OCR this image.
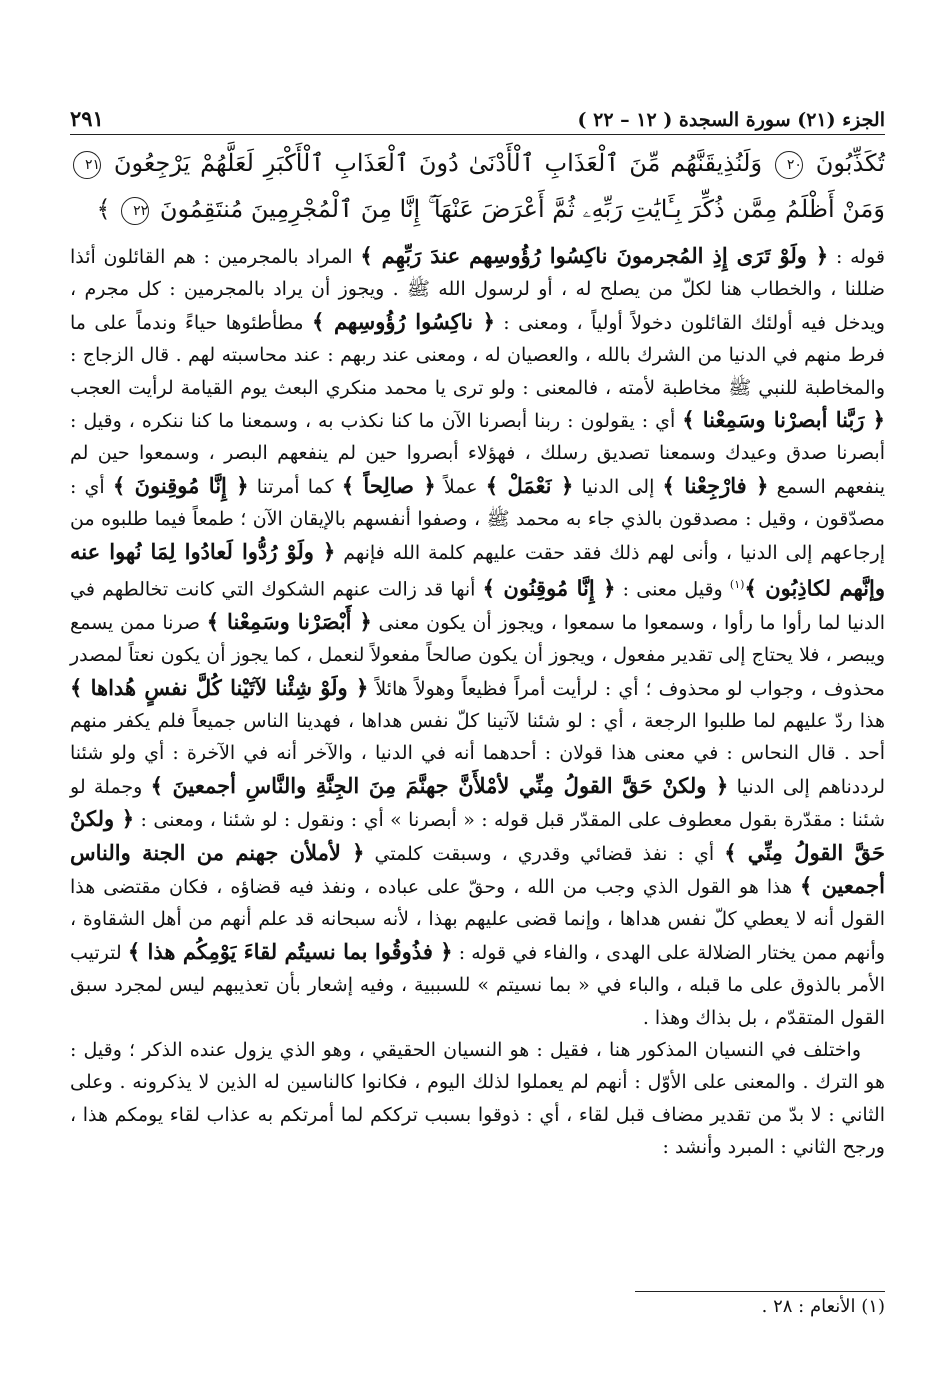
الجزء (٢١) سورة السجدة ( ١٢ – ٢٢ )
٢٩١
تُكَذِّبُونَ ٢٠ وَلَنُذِيقَنَّهُم مِّنَ ٱلْعَذَابِ ٱلْأَدْنَىٰ دُونَ ٱلْعَذَابِ ٱلْأَكْبَرِ لَعَلَّهُمْ يَرْجِعُونَ ٢١ وَمَنْ أَظْلَمُ مِمَّن ذُكِّرَ بِـَٔايَٰتِ رَبِّهِۦ ثُمَّ أَعْرَضَ عَنْهَآ ۚ إِنَّا مِنَ ٱلْمُجْرِمِينَ مُنتَقِمُونَ ٢٢ ﴾

قوله : ﴿ ولَوْ تَرَى إِذِ المُجرمونَ ناكِسُوا رُؤُوسِهم عندَ رَبِّهِم ﴾ المراد بالمجرمين : هم القائلون أئذا ضللنا ، والخطاب هنا لكلّ من يصلح له ، أو لرسول الله ﷺ . ويجوز أن يراد بالمجرمين : كل مجرم ، ويدخل فيه أولئك القائلون دخولاً أولياً ، ومعنى : ﴿ ناكِسُوا رُؤُوسِهم ﴾ مطأطئوها حياءً وندماً على ما فرط منهم في الدنيا من الشرك بالله ، والعصيان له ، ومعنى عند ربهم : عند محاسبته لهم . قال الزجاج : والمخاطبة للنبي ﷺ مخاطبة لأمته ، فالمعنى : ولو ترى يا محمد منكري البعث يوم القيامة لرأيت العجب ﴿ رَبَّنا أبصرْنا وسَمِعْنا ﴾ أي : يقولون : ربنا أبصرنا الآن ما كنا نكذب به ، وسمعنا ما كنا ننكره ، وقيل : أبصرنا صدق وعيدك وسمعنا تصديق رسلك ، فهؤلاء أبصروا حين لم ينفعهم البصر ، وسمعوا حين لم ينفعهم السمع ﴿ فارْجِعْنا ﴾ إلى الدنيا ﴿ نَعْمَلْ ﴾ عملاً ﴿ صالِحاً ﴾ كما أمرتنا ﴿ إِنَّا مُوقِنونَ ﴾ أي : مصدّقون ، وقيل : مصدقون بالذي جاء به محمد ﷺ ، وصفوا أنفسهم بالإيقان الآن ؛ طمعاً فيما طلبوه من إرجاعهم إلى الدنيا ، وأنى لهم ذلك فقد حقت عليهم كلمة الله فإنهم ﴿ ولَوْ رُدُّوا لَعادُوا لِمَا نُهوا عنه وإنَّهم لكاذِبُون ﴾$^{(١)}$ وقيل معنى : ﴿ إِنَّا مُوقِنُون ﴾ أنها قد زالت عنهم الشكوك التي كانت تخالطهم في الدنيا لما رأوا ما رأوا ، وسمعوا ما سمعوا ، ويجوز أن يكون معنى ﴿ أَبْصَرْنا وسَمِعْنا ﴾ صرنا ممن يسمع ويبصر ، فلا يحتاج إلى تقدير مفعول ، ويجوز أن يكون صالحاً مفعولاً لنعمل ، كما يجوز أن يكون نعتاً لمصدر محذوف ، وجواب لو محذوف ؛ أي : لرأيت أمراً فظيعاً وهولاً هائلاً ﴿ ولَوْ شِئْنا لآتَيْنا كُلَّ نفسٍ هُداها ﴾ هذا ردّ عليهم لما طلبوا الرجعة ، أي : لو شئنا لآتينا كلّ نفس هداها ، فهدينا الناس جميعاً فلم يكفر منهم أحد . قال النحاس : في معنى هذا قولان : أحدهما أنه في الدنيا ، والآخر أنه في الآخرة : أي ولو شئنا لرددناهم إلى الدنيا ﴿ ولكنْ حَقَّ القولُ مِنِّي لأمْلأَنَّ جهنَّمَ مِنَ الجِنَّةِ والنَّاسِ أجمعينَ ﴾ وجملة لو شئنا : مقدّرة بقول معطوف على المقدّر قبل قوله : « أبصرنا » أي : ونقول : لو شئنا ، ومعنى : ﴿ ولكنْ حَقَّ القولُ مِنِّي ﴾ أي : نفذ قضائي وقدري ، وسبقت كلمتي ﴿ لأملأن جهنم من الجنة والناس أجمعين ﴾ هذا هو القول الذي وجب من الله ، وحقّ على عباده ، ونفذ فيه قضاؤه ، فكان مقتضى هذا القول أنه لا يعطي كلّ نفس هداها ، وإنما قضى عليهم بهذا ، لأنه سبحانه قد علم أنهم من أهل الشقاوة ، وأنهم ممن يختار الضلالة على الهدى ، والفاء في قوله : ﴿ فذُوقُوا بما نسيتُم لقاءَ يَوْمِكُم هذا ﴾ لترتيب الأمر بالذوق على ما قبله ، والباء في « بما نسيتم » للسببية ، وفيه إشعار بأن تعذيبهم ليس لمجرد سبق القول المتقدّم ، بل بذاك وهذا .

واختلف في النسيان المذكور هنا ، فقيل : هو النسيان الحقيقي ، وهو الذي يزول عنده الذكر ؛ وقيل : هو الترك . والمعنى على الأوّل : أنهم لم يعملوا لذلك اليوم ، فكانوا كالناسين له الذين لا يذكرونه . وعلى الثاني : لا بدّ من تقدير مضاف قبل لقاء ، أي : ذوقوا بسبب ترككم لما أمرتكم به عذاب لقاء يومكم هذا ، ورجح الثاني : المبرد وأنشد :

(١) الأنعام : ٢٨ .
